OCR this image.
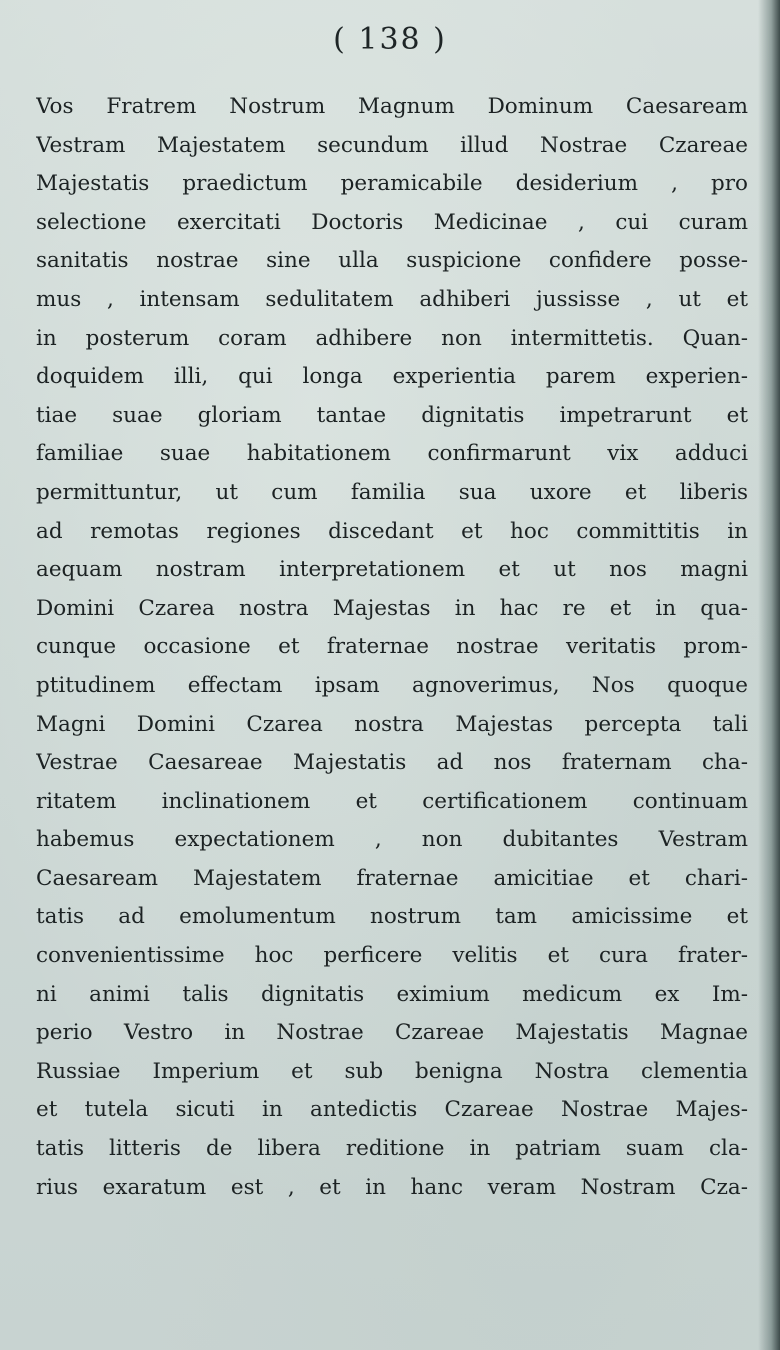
( 138 )
Vos Fratrem Nostrum Magnum Dominum Caesaream
Vestram Majestatem secundum illud Nostrae Czareae
Majestatis praedictum peramicabile desiderium , pro
selectione exercitati Doctoris Medicinae , cui curam
sanitatis nostrae sine ulla suspicione confidere posse-
mus , intensam sedulitatem adhiberi jussisse , ut et
in posterum coram adhibere non intermittetis. Quan-
doquidem illi, qui longa experientia parem experien-
tiae suae gloriam tantae dignitatis impetrarunt et
familiae suae habitationem confirmarunt vix adduci
permittuntur, ut cum familia sua uxore et liberis
ad remotas regiones discedant et hoc committitis in
aequam nostram interpretationem et ut nos magni
Domini Czarea nostra Majestas in hac re et in qua-
cunque occasione et fraternae nostrae veritatis prom-
ptitudinem effectam ipsam agnoverimus, Nos quoque
Magni Domini Czarea nostra Majestas percepta tali
Vestrae Caesareae Majestatis ad nos fraternam cha-
ritatem inclinationem et certificationem continuam
habemus expectationem , non dubitantes Vestram
Caesaream Majestatem fraternae amicitiae et chari-
tatis ad emolumentum nostrum tam amicissime et
convenientissime hoc perficere velitis et cura frater-
ni animi talis dignitatis eximium medicum ex Im-
perio Vestro in Nostrae Czareae Majestatis Magnae
Russiae Imperium et sub benigna Nostra clementia
et tutela sicuti in antedictis Czareae Nostrae Majes-
tatis litteris de libera reditione in patriam suam cla-
rius exaratum est , et in hanc veram Nostram Cza-
